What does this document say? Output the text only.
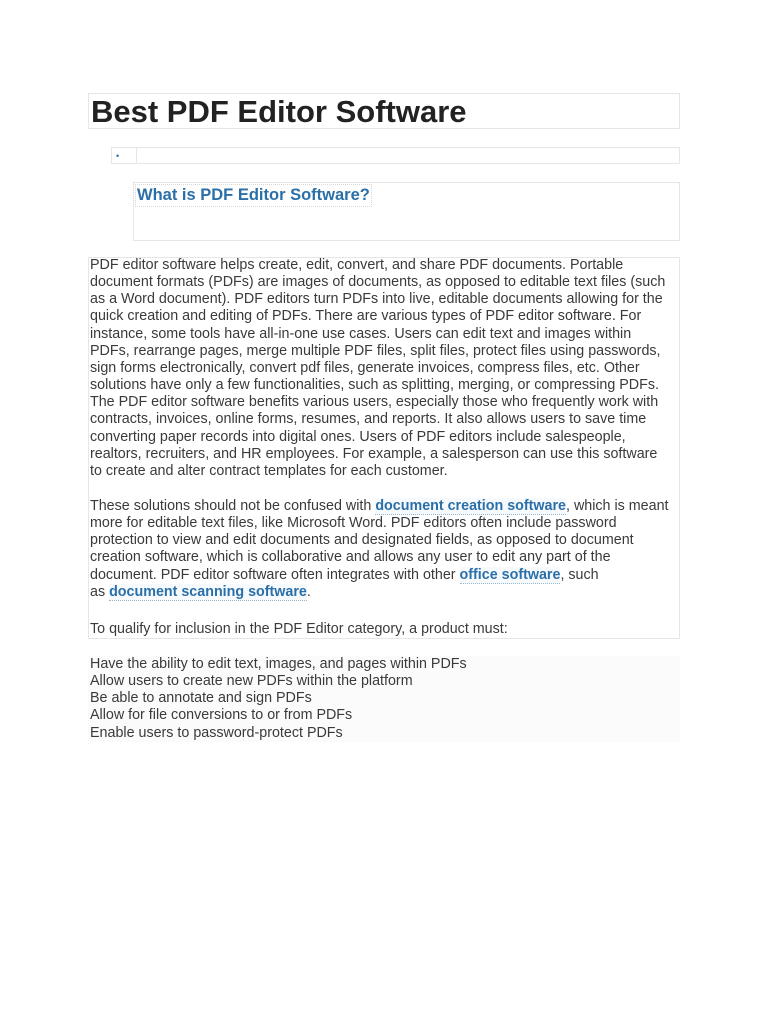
Best PDF Editor Software
•
What is PDF Editor Software?

PDF editor software helps create, edit, convert, and share PDF documents. Portable
document formats (PDFs) are images of documents, as opposed to editable text files (such
as a Word document). PDF editors turn PDFs into live, editable documents allowing for the
quick creation and editing of PDFs. There are various types of PDF editor software. For
instance, some tools have all-in-one use cases. Users can edit text and images within
PDFs, rearrange pages, merge multiple PDF files, split files, protect files using passwords,
sign forms electronically, convert pdf files, generate invoices, compress files, etc. Other
solutions have only a few functionalities, such as splitting, merging, or compressing PDFs.
The PDF editor software benefits various users, especially those who frequently work with
contracts, invoices, online forms, resumes, and reports. It also allows users to save time
converting paper records into digital ones. Users of PDF editors include salespeople,
realtors, recruiters, and HR employees. For example, a salesperson can use this software
to create and alter contract templates for each customer.

These solutions should not be confused with document creation software, which is meant
more for editable text files, like Microsoft Word. PDF editors often include password
protection to view and edit documents and designated fields, as opposed to document
creation software, which is collaborative and allows any user to edit any part of the
document. PDF editor software often integrates with other office software, such
as document scanning software.

To qualify for inclusion in the PDF Editor category, a product must:

Have the ability to edit text, images, and pages within PDFs
Allow users to create new PDFs within the platform
Be able to annotate and sign PDFs
Allow for file conversions to or from PDFs
Enable users to password-protect PDFs
